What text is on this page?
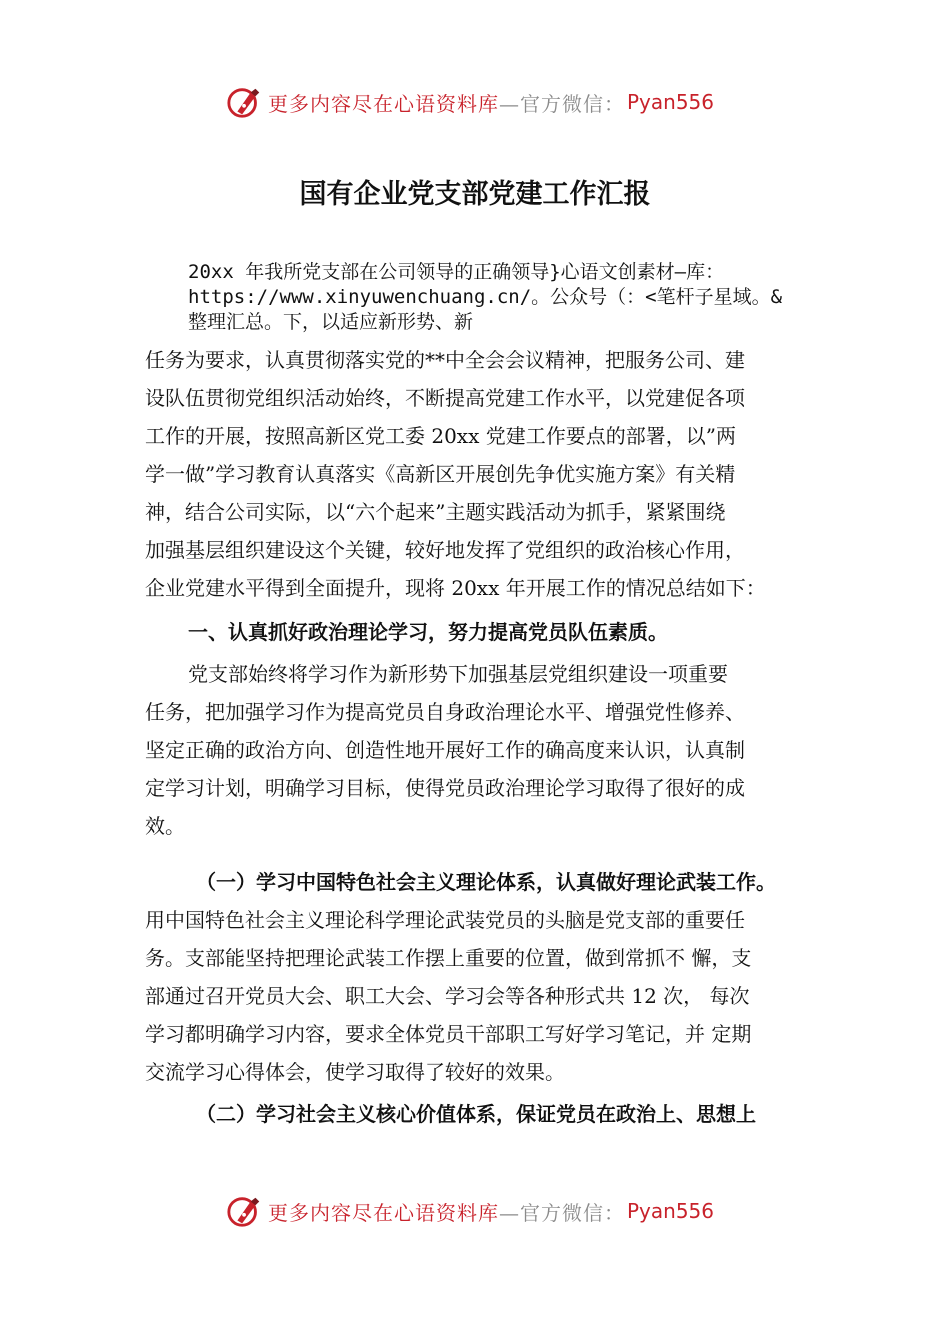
更多内容尽在心语资料库 —官方微信： Pyan556
国有企业党支部党建工作汇报
20xx 年我所党支部在公司领导的正确领导}心语文创素材—库：
https://www.xinyuwenchuang.cn/。公众号（：<笔杆子星域。&
整理汇总。下，以适应新形势、新
任务为要求，认真贯彻落实党的**中全会会议精神，把服务公司、建
设队伍贯彻党组织活动始终，不断提高党建工作水平，以党建促各项
工作的开展，按照高新区党工委 20xx 党建工作要点的部署，以”两
学一做”学习教育认真落实《高新区开展创先争优实施方案》有关精
神，结合公司实际，以“六个起来”主题实践活动为抓手，紧紧围绕
加强基层组织建设这个关键，较好地发挥了党组织的政治核心作用，
企业党建水平得到全面提升，现将 20xx 年开展工作的情况总结如下：
一、认真抓好政治理论学习，努力提高党员队伍素质。
党支部始终将学习作为新形势下加强基层党组织建设一项重要
任务，把加强学习作为提高党员自身政治理论水平、增强党性修养、
坚定正确的政治方向、创造性地开展好工作的确高度来认识，认真制
定学习计划，明确学习目标，使得党员政治理论学习取得了很好的成
效。
（一）学习中国特色社会主义理论体系，认真做好理论武装工作。
用中国特色社会主义理论科学理论武装党员的头脑是党支部的重要任
务。支部能坚持把理论武装工作摆上重要的位置，做到常抓不 懈，支
部通过召开党员大会、职工大会、学习会等各种形式共 12 次， 每次
学习都明确学习内容，要求全体党员干部职工写好学习笔记，并 定期
交流学习心得体会，使学习取得了较好的效果。
（二）学习社会主义核心价值体系，保证党员在政治上、思想上
更多内容尽在心语资料库 —官方微信： Pyan556
